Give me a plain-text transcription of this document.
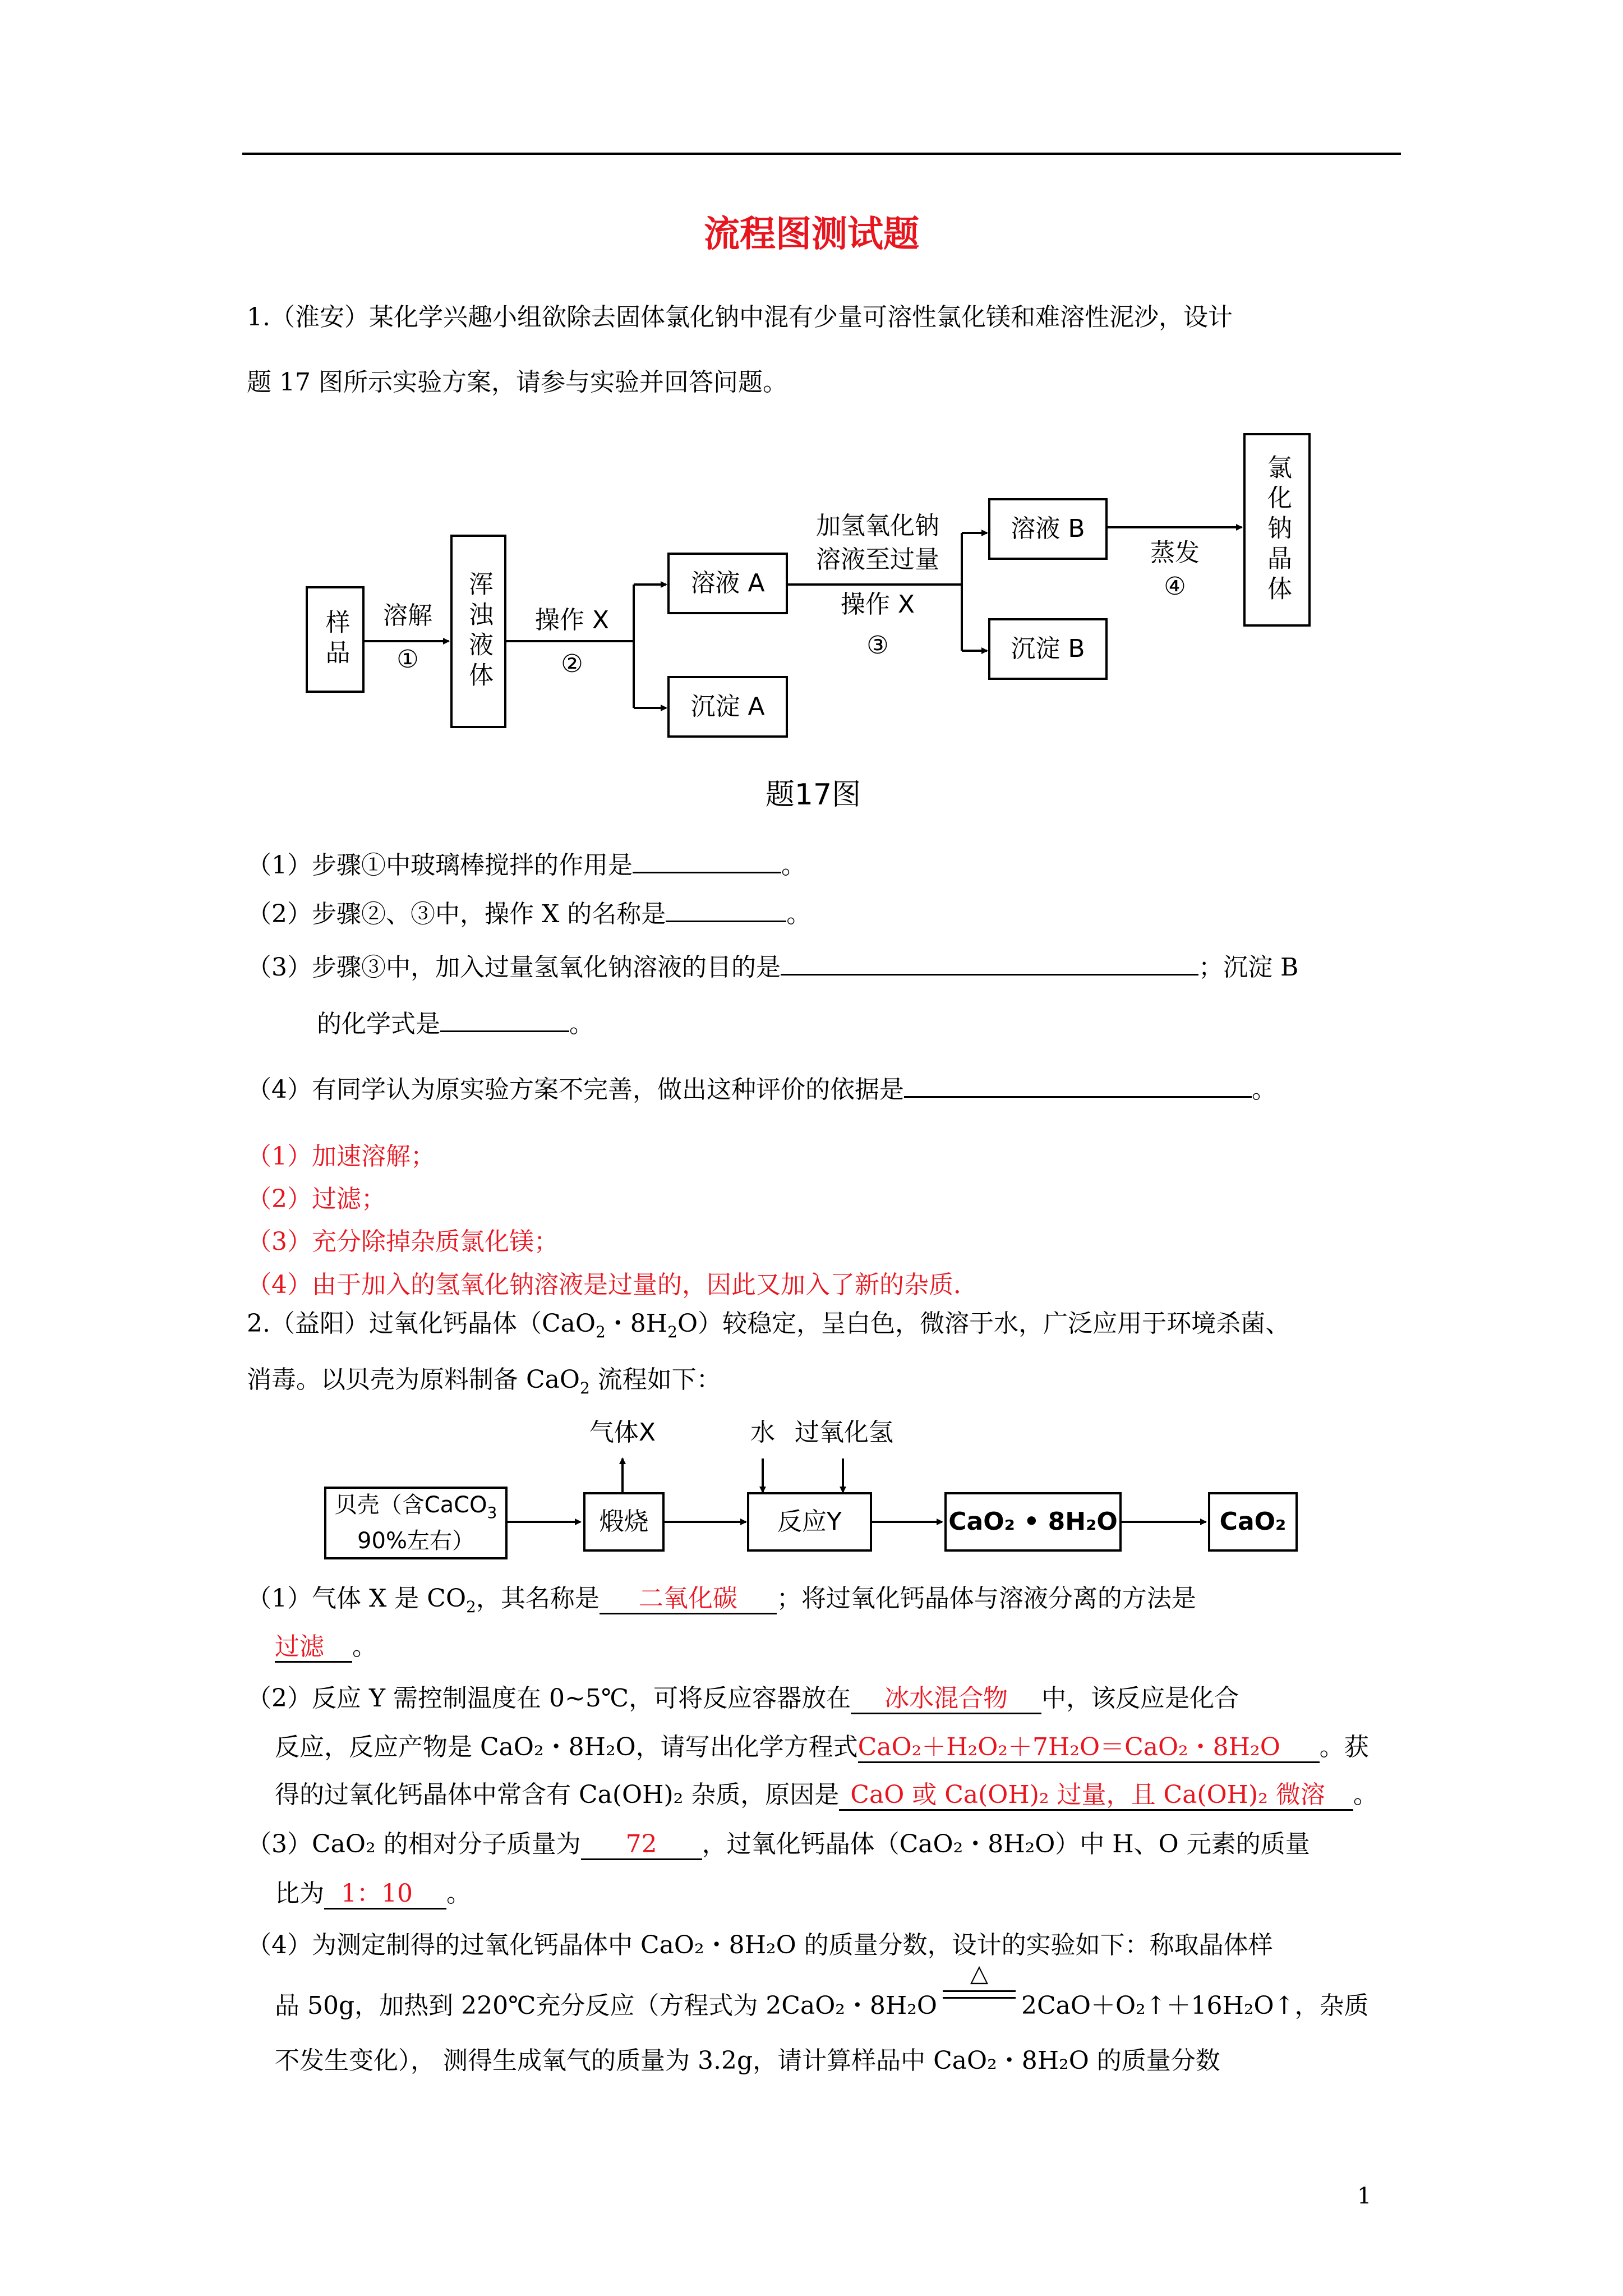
流程图测试题
1.（淮安）某化学兴趣小组欲除去固体氯化钠中混有少量可溶性氯化镁和难溶性泥沙，设计
题 17 图所示实验方案，请参与实验并回答问题。
样品 溶解
①	浑浊液体	操作 X
②
溶液 A
沉淀 A
加氢氧化钠
溶液至过量
操作 X
③
溶液 B
沉淀 B
蒸发
④	氯化钠晶体
题17图
（1）步骤①中玻璃棒搅拌的作用是	。
（2）步骤②、③中，操作 X 的名称是	。
（3）步骤③中，加入过量氢氧化钠溶液的目的是	；沉淀 B
的化学式是	。
（4）有同学认为原实验方案不完善，做出这种评价的依据是	。
（1）加速溶解；
（2）过滤；
（3）充分除掉杂质氯化镁；
（4）由于加入的氢氧化钠溶液是过量的，因此又加入了新的杂质．
2.（益阳）过氧化钙晶体（CaO$_2$・$8H_2O$）较稳定，呈白色，微溶于水，广泛应用于环境杀菌、
消毒。以贝壳为原料制备 CaO$_2$ 流程如下：
贝壳（含CaCO$_3$
90%左右）
气体X
煅烧
水 过氧化氢
反应Y	CaO₂ • 8H₂O	CaO₂
（1）气体 X 是 $CO_2$，其名称是 二氧化碳 ；将过氧化钙晶体与溶液分离的方法是
过滤 。
（2）反应 Y 需控制温度在 0~5℃，可将反应容器放在 冰水混合物 中，该反应是化合
反应，反应产物是 CaO₂・8H₂O，请写出化学方程式CaO₂＋H₂O₂＋7H₂O＝CaO₂・8H₂O 。获
得的过氧化钙晶体中常含有 Ca(OH)₂ 杂质，原因是 CaO 或 Ca(OH)₂ 过量，且 Ca(OH)₂ 微溶 。
（3）CaO₂ 的相对分子质量为 72 ，过氧化钙晶体（CaO₂・8H₂O）中 H、O 元素的质量
比为 1：10 。
（4）为测定制得的过氧化钙晶体中 CaO₂・8H₂O 的质量分数，设计的实验如下：称取晶体样
品 50g，加热到 220℃充分反应（方程式为 2CaO₂・8H₂O
△
2CaO＋O₂↑＋16H₂O↑，杂质
不发生变化）， 测得生成氧气的质量为 3.2g，请计算样品中 CaO₂・8H₂O 的质量分数
1
